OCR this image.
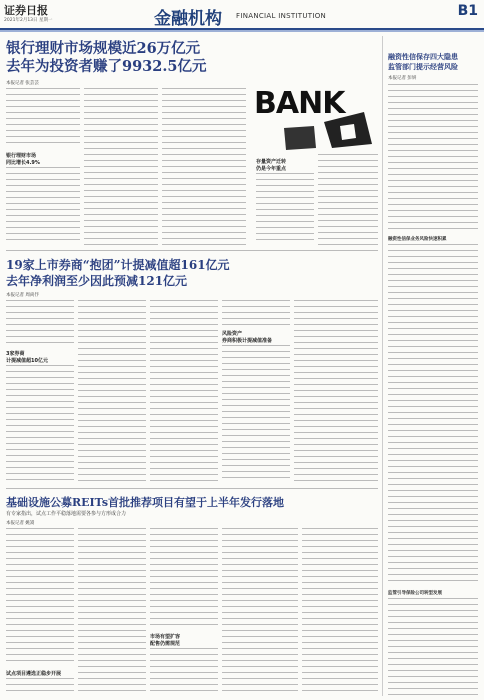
证券日报
2021年2月13日 星期一	金融机构 FINANCIAL INSTITUTION	B1
银行理财市场规模近26万亿元
去年为投资者赚了9932.5亿元
本报记者 张芸芸
银行理财市场
同比增长4.9%
BANK
存量资产迁转
仍是今年重点
19家上市券商“抱团”计提减值超161亿元
去年净利润至少因此预减121亿元
本报记者 周尚伃
3家券商
计提减值超10亿元
风险资产
券商积极计提减值准备
基础设施公募REITs首批推荐项目有望于上半年发行落地
有专家指出，试点工作平稳落地需要各参与方形成合力
本报记者 姚嵩
试点项目遴选正稳步开展
市场有望扩容
配售仍需规范
融资性信保存四大隐患
监管部门提示经营风险
本报记者 彭妍
融资性信保业务风险快速积累
监管引导保险公司转型发展
